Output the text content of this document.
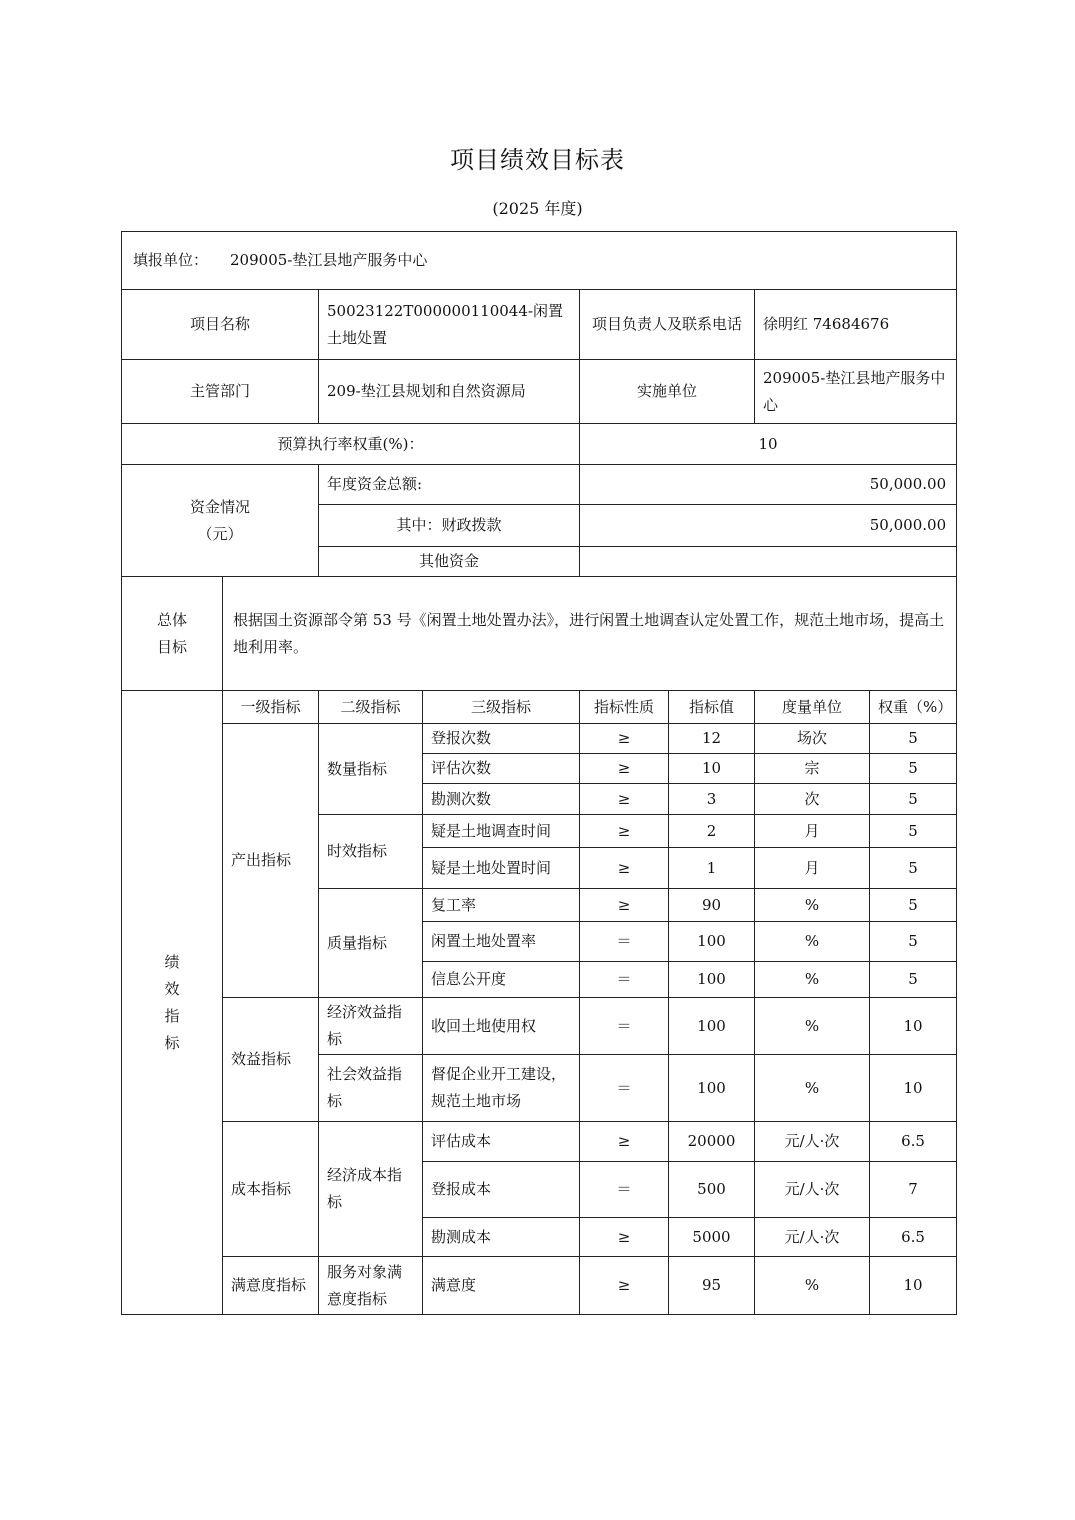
项目绩效目标表
(2025 年度)
填报单位： 209005-垫江县地产服务中心							
项目名称		50023122T000000110044-闲置土地处置		项目负责人及联系电话		徐明红 74684676	
主管部门		209-垫江县规划和自然资源局		实施单位		209005-垫江县地产服务中心	
预算执行率权重(%)：				10			

资金情况
（元）		年度资金总额:		50,000.00			
		其中：财政拨款		50,000.00			
		其他资金					

总体
目标	根据国土资源部令第 53 号《闲置土地处置办法》，进行闲置土地调查认定处置工作，规范土地市场，提高土地利用率。						

绩
效
指
标	一级指标	二级指标	三级指标	指标性质	指标值	度量单位	权重（%）
	产出指标	数量指标	登报次数	≥	12	场次	5
			评估次数	≥	10	宗	5
			勘测次数	≥	3	次	5
		时效指标	疑是土地调查时间	≥	2	月	5
			疑是土地处置时间	≥	1	月	5
		质量指标	复工率	≥	90	%	5
			闲置土地处置率	＝	100	%	5
			信息公开度	＝	100	%	5
	效益指标	经济效益指标	收回土地使用权	＝	100	%	10
		社会效益指标	督促企业开工建设，规范土地市场	＝	100	%	10
	成本指标	经济成本指标	评估成本	≥	20000	元/人·次	6.5
			登报成本	＝	500	元/人·次	7
			勘测成本	≥	5000	元/人·次	6.5
	满意度指标	服务对象满意度指标	满意度	≥	95	%	10
